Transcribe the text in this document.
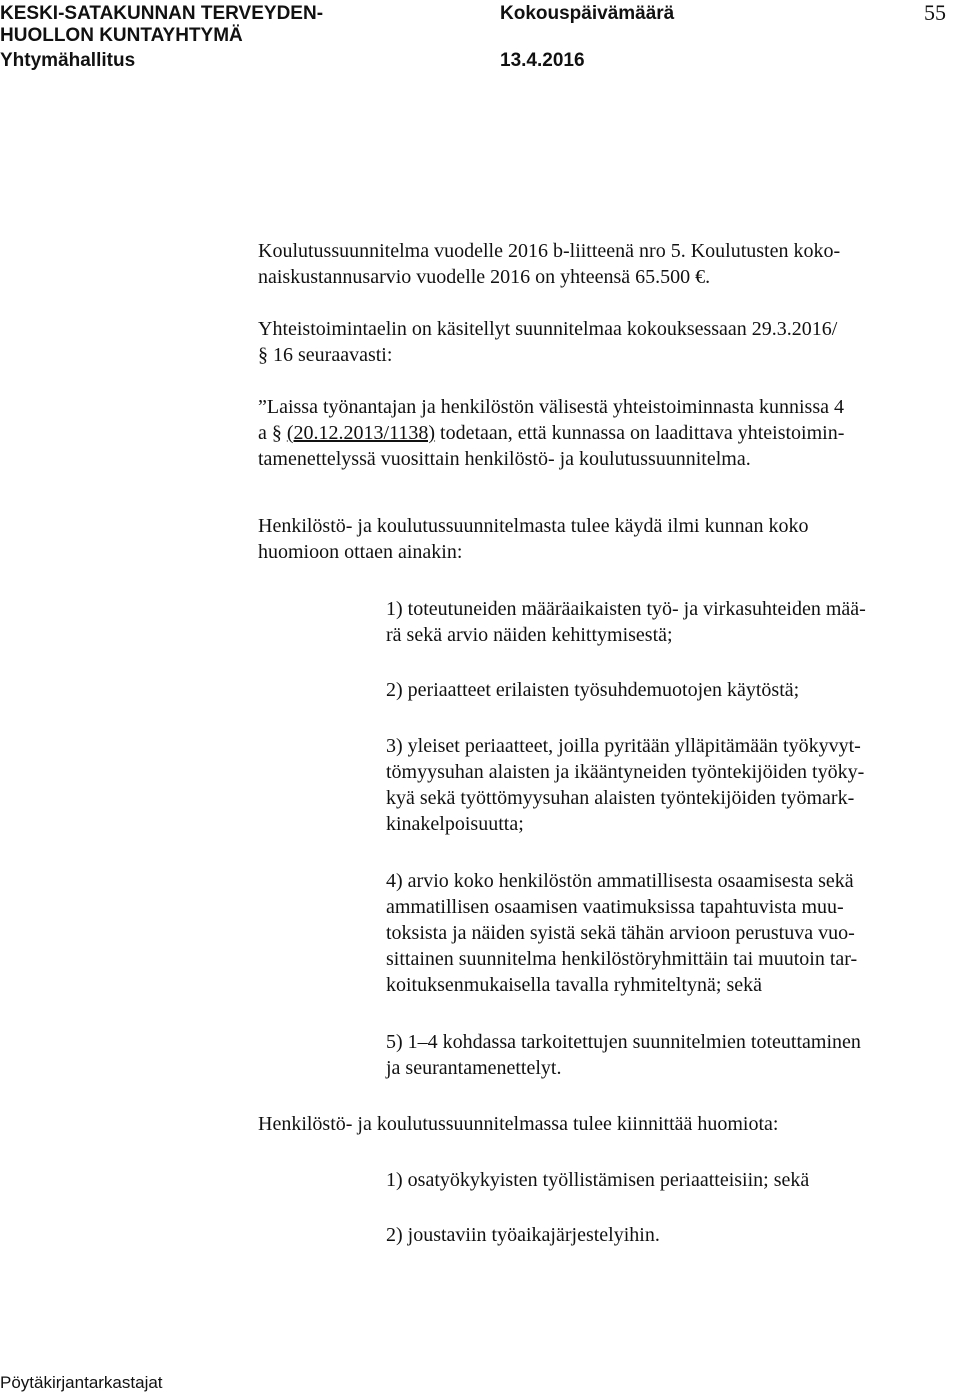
KESKI-SATAKUNNAN TERVEYDEN-
HUOLLON KUNTAYHTYMÄ
Yhtymähallitus
Kokouspäivämäärä
13.4.2016
55
Koulutussuunnitelma vuodelle 2016 b-liitteenä nro 5. Koulutusten koko-
naiskustannusarvio vuodelle 2016 on yhteensä 65.500 €.
Yhteistoimintaelin on käsitellyt suunnitelmaa kokouksessaan 29.3.2016/
§ 16 seuraavasti:
”Laissa työnantajan ja henkilöstön välisestä yhteistoiminnasta kunnissa 4
a § (20.12.2013/1138) todetaan, että kunnassa on laadittava yhteistoimin-
tamenettelyssä vuosittain henkilöstö- ja koulutussuunnitelma.
Henkilöstö- ja koulutussuunnitelmasta tulee käydä ilmi kunnan koko
huomioon ottaen ainakin:
1) toteutuneiden määräaikaisten työ- ja virkasuhteiden mää-
rä sekä arvio näiden kehittymisestä;
2) periaatteet erilaisten työsuhdemuotojen käytöstä;
3) yleiset periaatteet, joilla pyritään ylläpitämään työkyvyt-
tömyysuhan alaisten ja ikääntyneiden työntekijöiden työky-
kyä sekä työttömyysuhan alaisten työntekijöiden työmark-
kinakelpoisuutta;
4) arvio koko henkilöstön ammatillisesta osaamisesta sekä
ammatillisen osaamisen vaatimuksissa tapahtuvista muu-
toksista ja näiden syistä sekä tähän arvioon perustuva vuo-
sittainen suunnitelma henkilöstöryhmittäin tai muutoin tar-
koituksenmukaisella tavalla ryhmiteltynä; sekä
5) 1–4 kohdassa tarkoitettujen suunnitelmien toteuttaminen
ja seurantamenettelyt.
Henkilöstö- ja koulutussuunnitelmassa tulee kiinnittää huomiota:
1) osatyökykyisten työllistämisen periaatteisiin; sekä
2) joustaviin työaikajärjestelyihin.
Pöytäkirjantarkastajat
